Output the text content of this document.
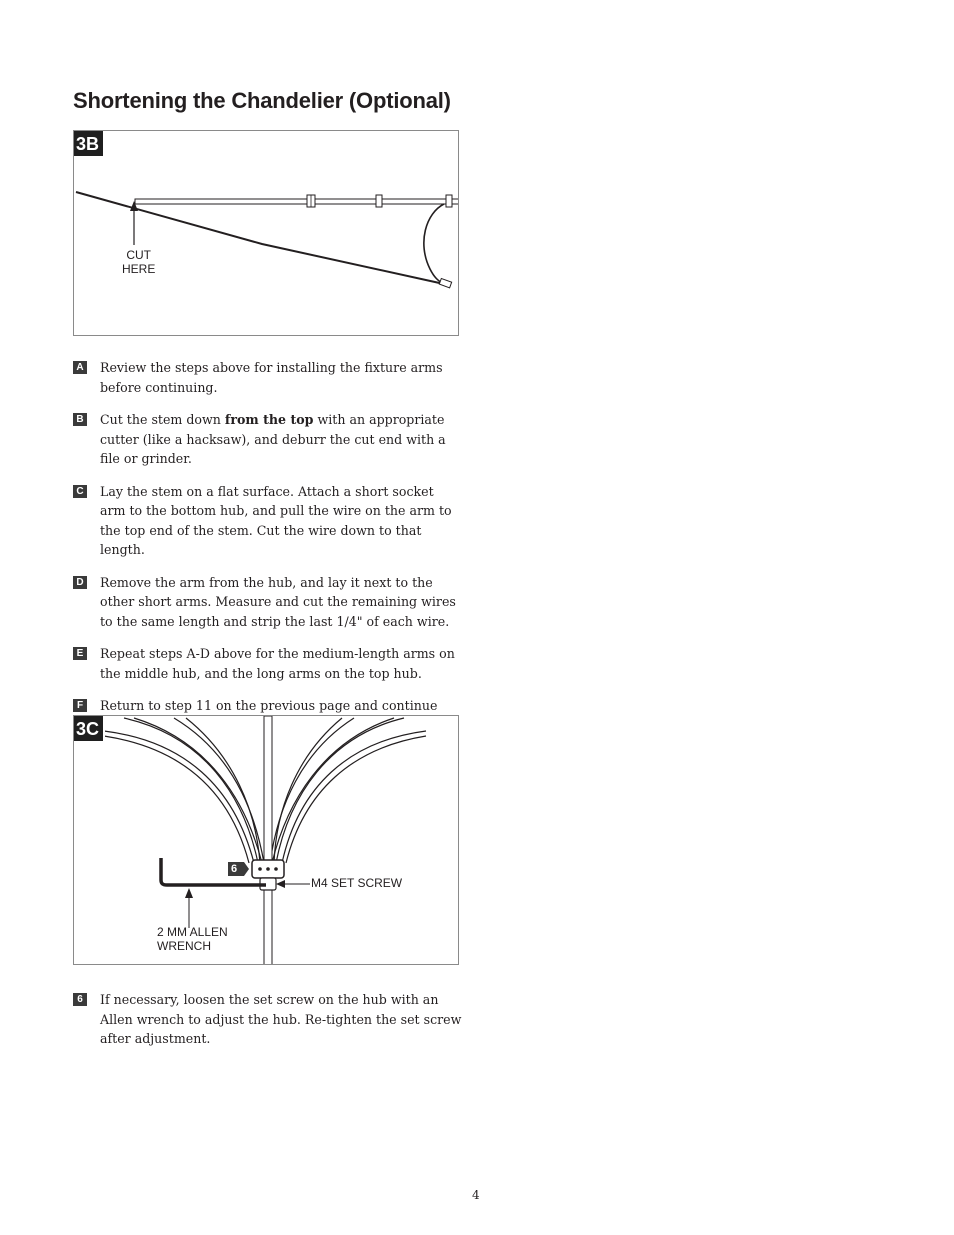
Shortening the Chandelier (Optional)
3B
CUT
HERE
A Review the steps above for installing the fixture arms before continuing.
B Cut the stem down from the top with an appropriate cutter (like a hacksaw), and deburr the cut end with a file or grinder.
C Lay the stem on a flat surface. Attach a short socket arm to the bottom hub, and pull the wire on the arm to the top end of the stem. Cut the wire down to that length.
D Remove the arm from the hub, and lay it next to the other short arms. Measure and cut the remaining wires to the same length and strip the last 1/4" of each wire.
E Repeat steps A-D above for the medium-length arms on the middle hub, and the long arms on the top hub.
F	Return to step 11 on the previous page and continue
3C
6
M4 SET SCREW
2 MM ALLEN
WRENCH
6	If necessary, loosen the set screw on the hub with an Allen wrench to adjust the hub. Re-tighten the set screw after adjustment.
4
